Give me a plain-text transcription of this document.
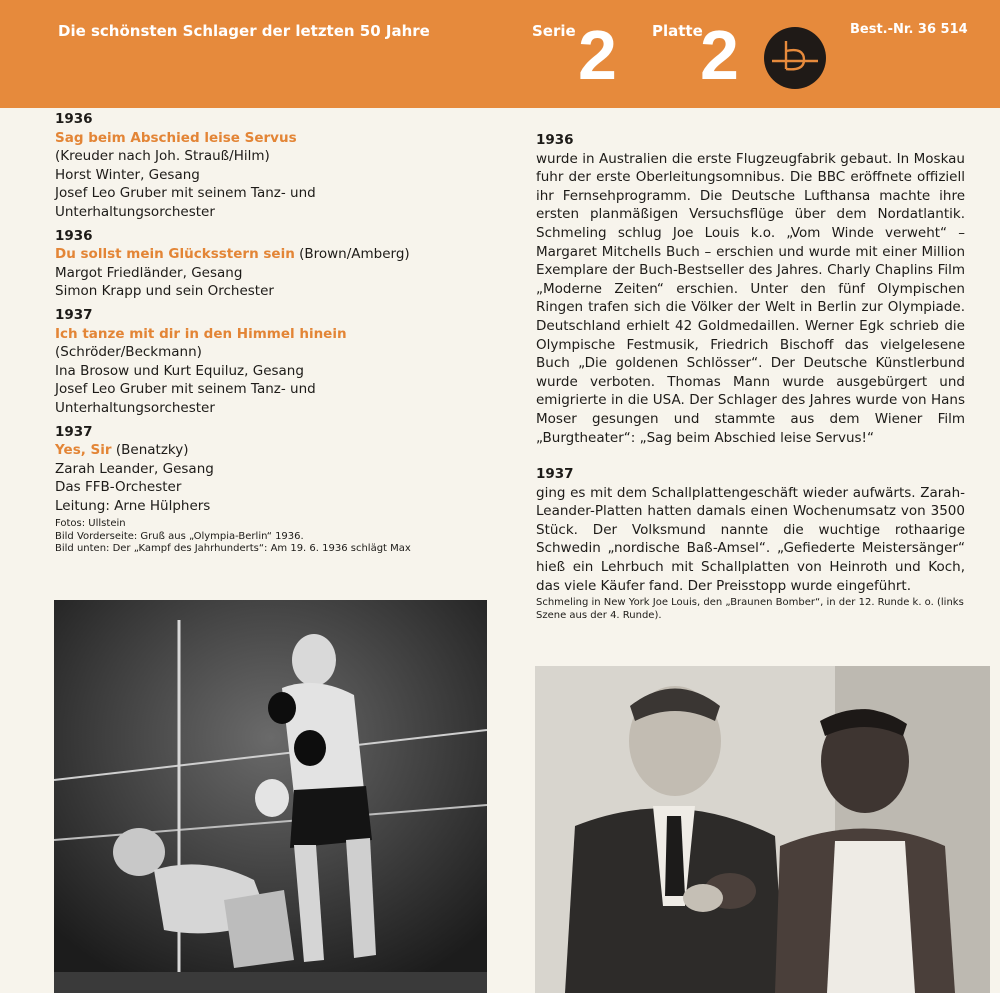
Die schönsten Schlager der letzten 50 Jahre	Serie 2 Platte
2	Best.-Nr. 36 514
1936
Sag beim Abschied leise Servus
(Kreuder nach Joh. Strauß/Hilm)
Horst Winter, Gesang
Josef Leo Gruber mit seinem Tanz- und
Unterhaltungsorchester
1936
Du sollst mein Glücksstern sein (Brown/Amberg)
Margot Friedländer, Gesang
Simon Krapp und sein Orchester
1937
Ich tanze mit dir in den Himmel hinein
(Schröder/Beckmann)
Ina Brosow und Kurt Equiluz, Gesang
Josef Leo Gruber mit seinem Tanz- und
Unterhaltungsorchester
1937
Yes, Sir (Benatzky)
Zarah Leander, Gesang
Das FFB-Orchester
Leitung: Arne Hülphers
Fotos: Ullstein
Bild Vorderseite: Gruß aus „Olympia-Berlin“ 1936.
Bild unten: Der „Kampf des Jahrhunderts“: Am 19. 6. 1936 schlägt Max
1936

wurde in Australien die erste Flugzeugfabrik gebaut. In Moskau fuhr der erste Oberleitungsomnibus. Die BBC eröffnete offiziell ihr Fernsehprogramm. Die Deutsche Lufthansa machte ihre ersten planmäßigen Versuchsflüge über dem Nordatlantik. Schmeling schlug Joe Louis k.o. „Vom Winde verweht“ – Margaret Mitchells Buch – erschien und wurde mit einer Million Exemplare der Buch-Bestseller des Jahres. Charly Chaplins Film „Moderne Zeiten“ erschien. Unter den fünf Olympischen Ringen trafen sich die Völker der Welt in Berlin zur Olympiade. Deutschland erhielt 42 Goldmedaillen. Werner Egk schrieb die Olympische Festmusik, Friedrich Bischoff das vielgelesene Buch „Die goldenen Schlösser“. Der Deutsche Künstlerbund wurde verboten. Thomas Mann wurde ausgebürgert und emigrierte in die USA. Der Schlager des Jahres wurde von Hans Moser gesungen und stammte aus dem Wiener Film „Burgtheater“: „Sag beim Abschied leise Servus!“

1937

ging es mit dem Schallplattengeschäft wieder aufwärts. Zarah-Leander-Platten hatten damals einen Wochenumsatz von 3500 Stück. Der Volksmund nannte die wuchtige rothaarige Schwedin „nordische Baß-Amsel“. „Gefiederte Meistersänger“ hieß ein Lehrbuch mit Schallplatten von Heinroth und Koch, das viele Käufer fand. Der Preisstopp wurde eingeführt.

Schmeling in New York Joe Louis, den „Braunen Bomber“, in der 12. Runde k. o. (links Szene aus der 4. Runde).
